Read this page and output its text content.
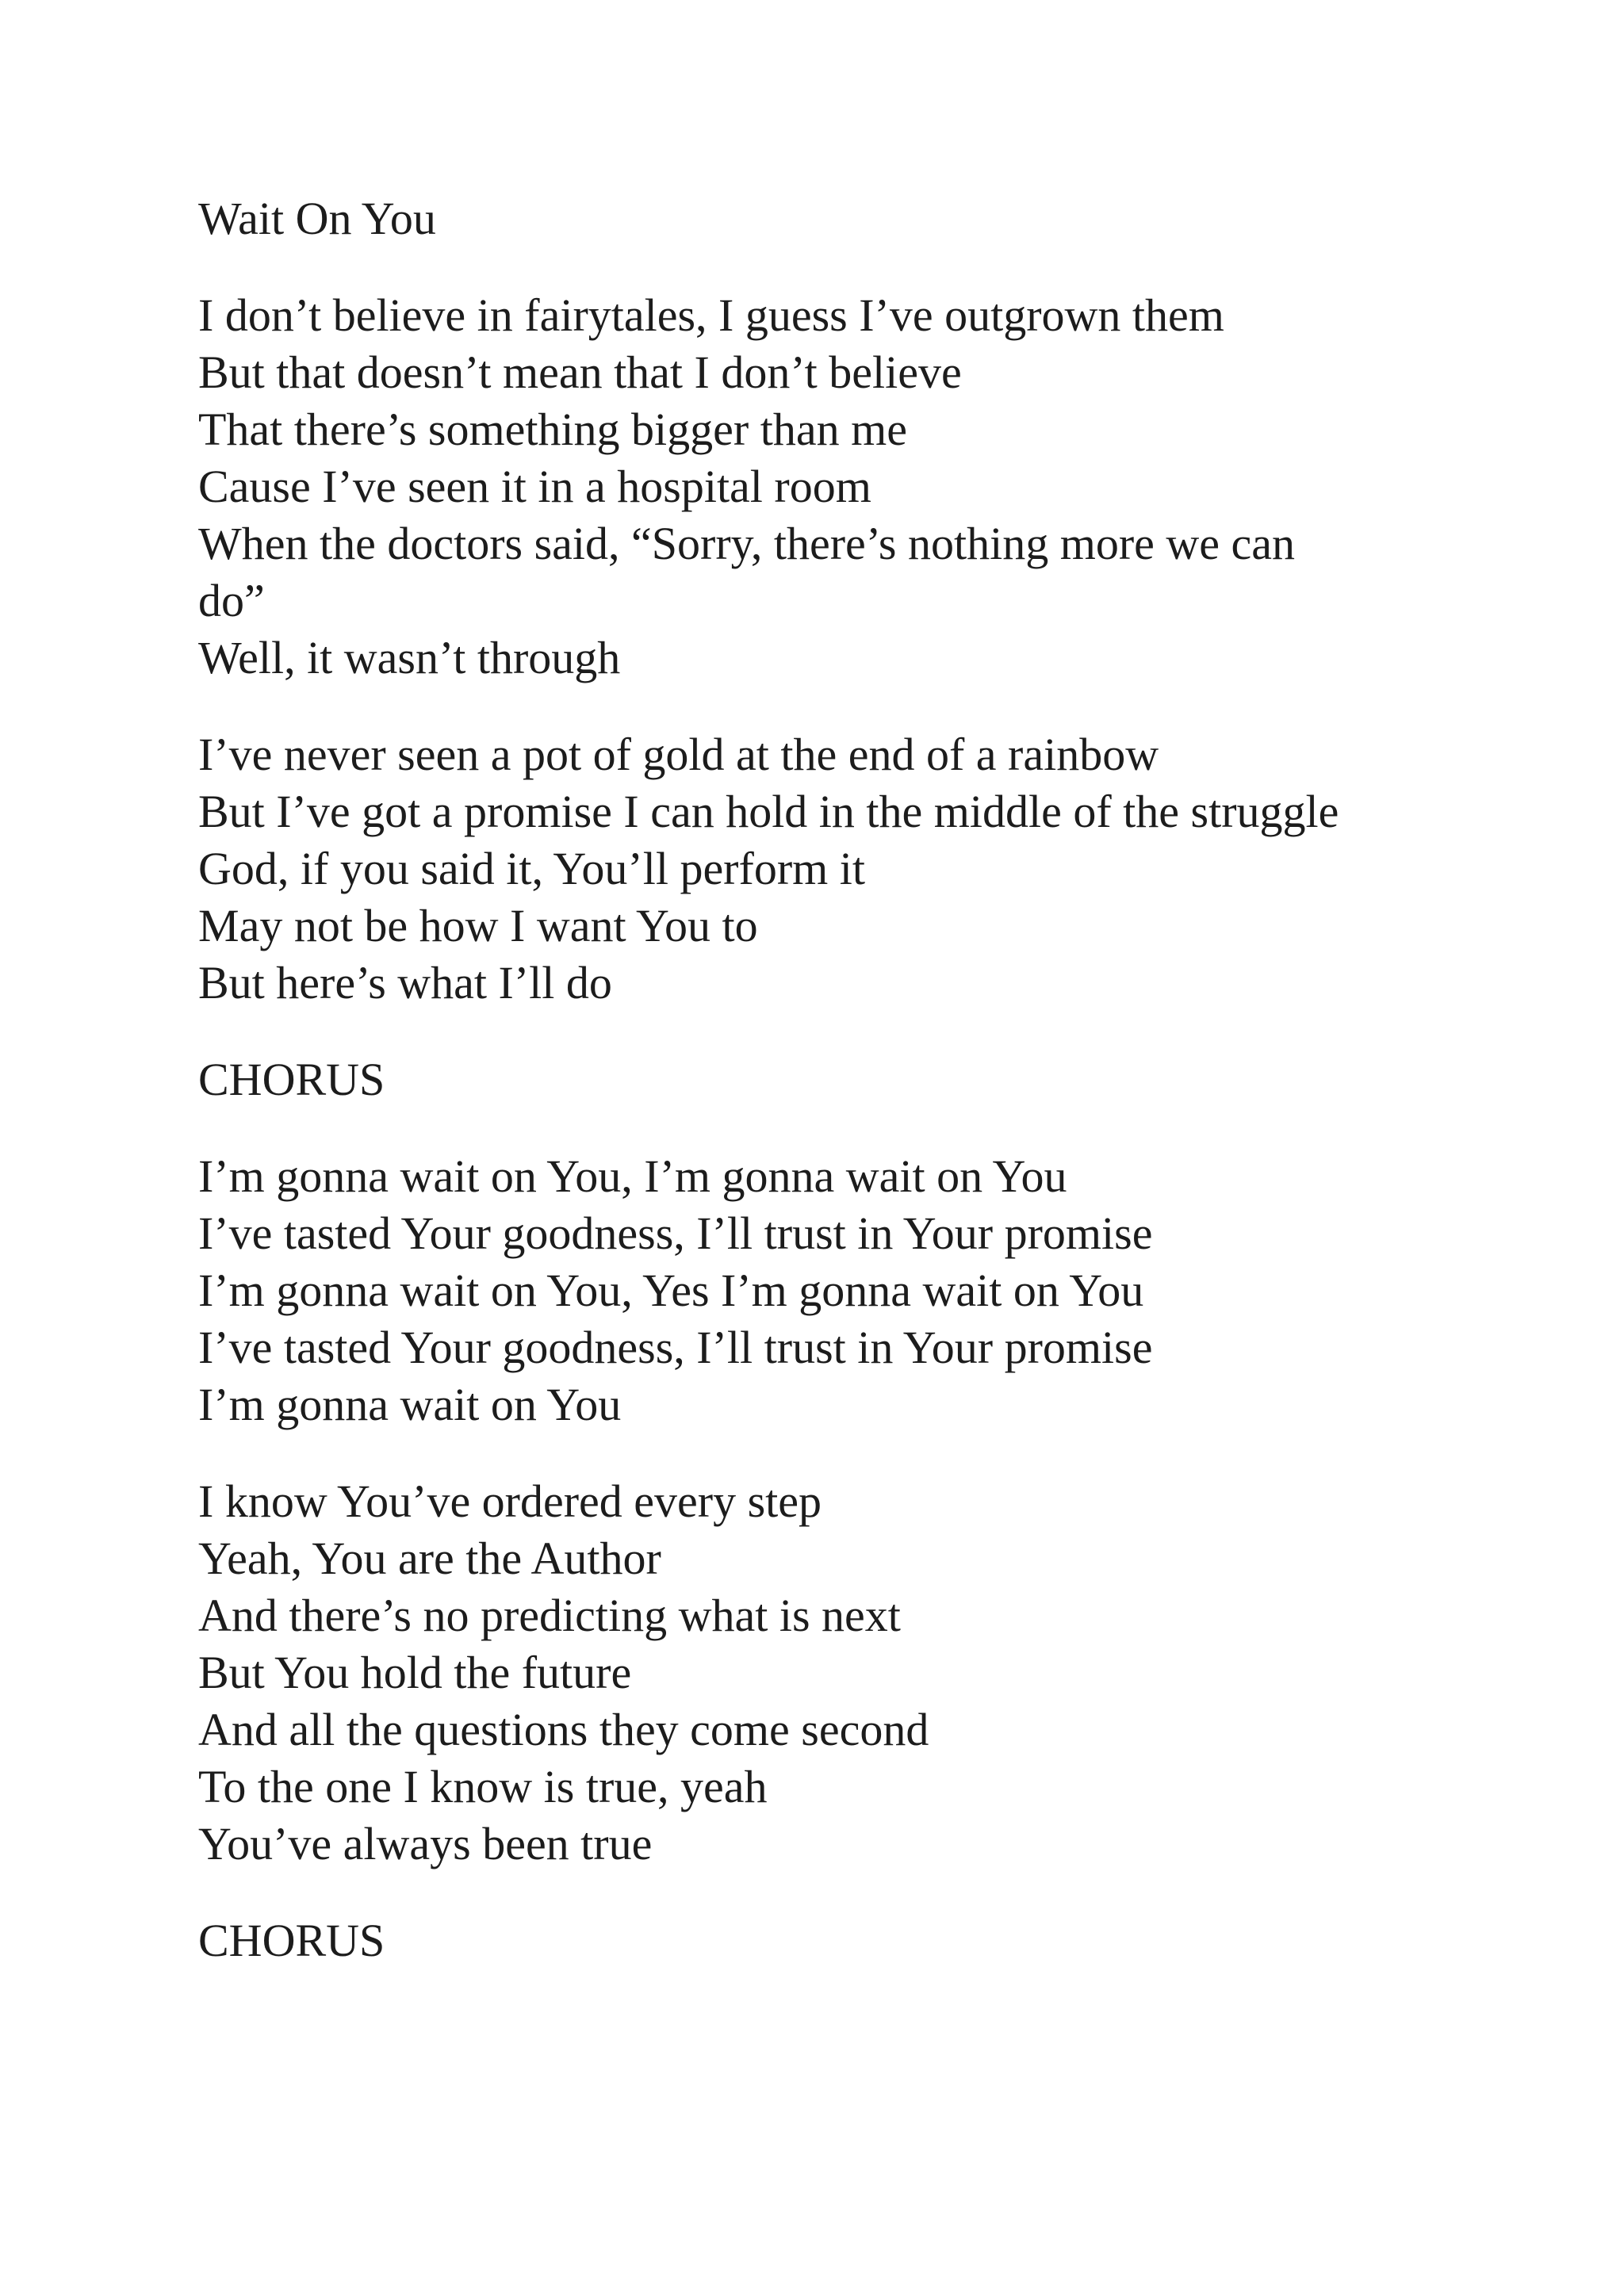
Wait On You

I don’t believe in fairytales, I guess I’ve outgrown them

But that doesn’t mean that I don’t believe

That there’s something bigger than me

Cause I’ve seen it in a hospital room

When the doctors said, “Sorry, there’s nothing more we can

do”

Well, it wasn’t through

I’ve never seen a pot of gold at the end of a rainbow

But I’ve got a promise I can hold in the middle of the struggle

God, if you said it, You’ll perform it

May not be how I want You to

But here’s what I’ll do

CHORUS

I’m gonna wait on You, I’m gonna wait on You

I’ve tasted Your goodness, I’ll trust in Your promise

I’m gonna wait on You, Yes I’m gonna wait on You

I’ve tasted Your goodness, I’ll trust in Your promise

I’m gonna wait on You

I know You’ve ordered every step

Yeah, You are the Author

And there’s no predicting what is next

But You hold the future

And all the questions they come second

To the one I know is true, yeah

You’ve always been true

CHORUS
